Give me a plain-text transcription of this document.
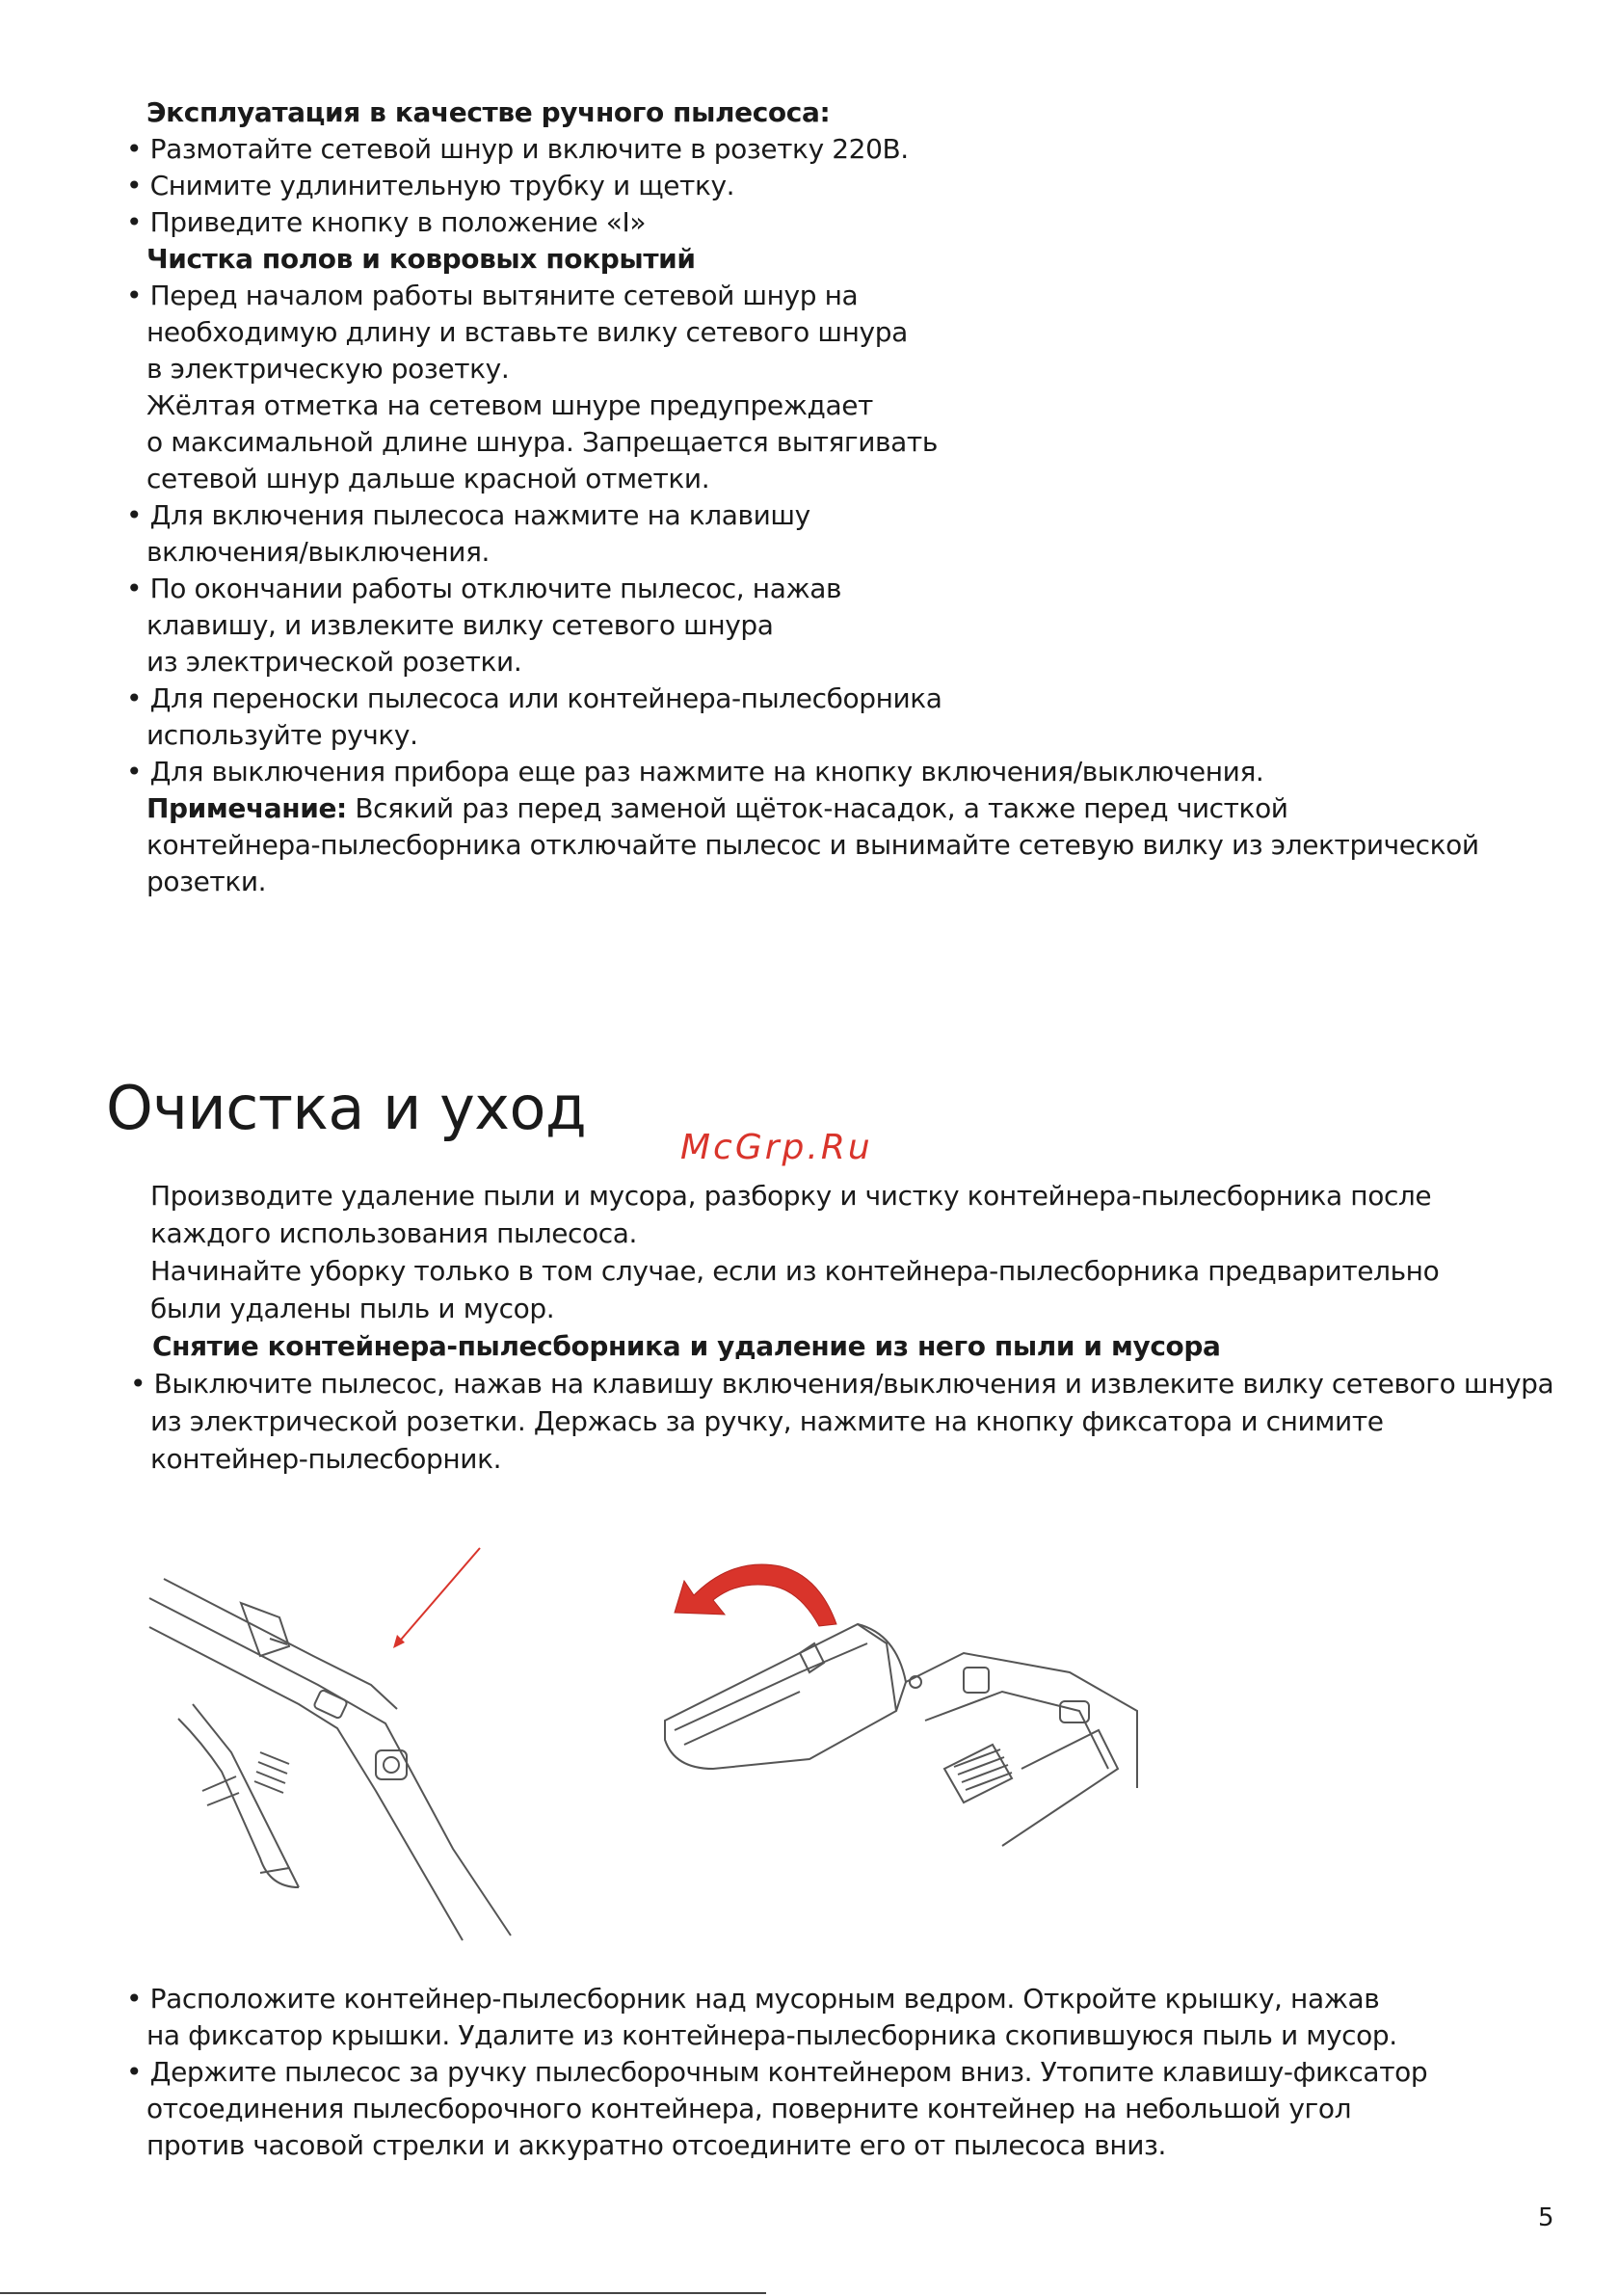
Эксплуатация в качестве ручного пылесоса:
• Размотайте сетевой шнур и включите в розетку 220В.
• Снимите удлинительную трубку и щетку.
• Приведите кнопку в положение «I»
Чистка полов и ковровых покрытий
• Перед началом работы вытяните сетевой шнур на
необходимую длину и вставьте вилку сетевого шнура
в электрическую розетку.
Жёлтая отметка на сетевом шнуре предупреждает
о максимальной длине шнура. Запрещается вытягивать
сетевой шнур дальше красной отметки.
• Для включения пылесоса нажмите на клавишу
включения/выключения.
• По окончании работы отключите пылесос, нажав
клавишу, и извлеките вилку сетевого шнура
из электрической розетки.
• Для переноски пылесоса или контейнера-пылесборника
используйте ручку.
• Для выключения прибора еще раз нажмите на кнопку включения/выключения.
Примечание: Всякий раз перед заменой щёток-насадок, а также перед чисткой
контейнера-пылесборника отключайте пылесос и вынимайте сетевую вилку из электрической
розетки.
Очистка и уход
McGrp.Ru
Производите удаление пыли и мусора, разборку и чистку контейнера-пылесборника после
каждого использования пылесоса.
Начинайте уборку только в том случае, если из контейнера-пылесборника предварительно
были удалены пыль и мусор.
Снятие контейнера-пылесборника и удаление из него пыли и мусора
• Выключите пылесос, нажав на клавишу включения/выключения и извлеките вилку сетевого шнура
из электрической розетки. Держась за ручку, нажмите на кнопку фиксатора и снимите
контейнер-пылесборник.
• Расположите контейнер-пылесборник над мусорным ведром. Откройте крышку, нажав
на фиксатор крышки. Удалите из контейнера-пылесборника скопившуюся пыль и мусор.
• Держите пылесос за ручку пылесборочным контейнером вниз. Утопите клавишу-фиксатор
отсоединения пылесборочного контейнера, поверните контейнер на небольшой угол
против часовой стрелки и аккуратно отсоедините его от пылесоса вниз.
5
